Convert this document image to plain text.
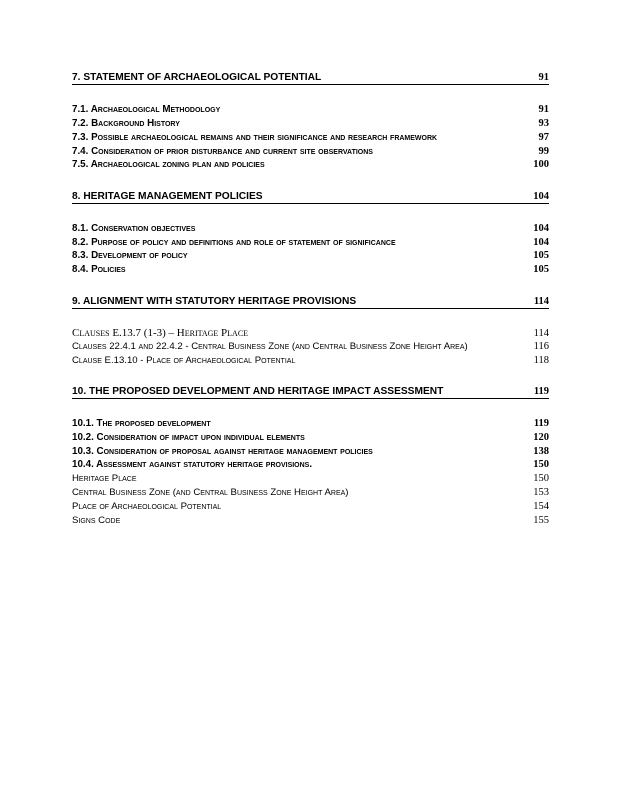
7. STATEMENT OF ARCHAEOLOGICAL POTENTIAL	91
7.1. Archaeological Methodology	91
7.2. Background History	93
7.3. Possible archaeological remains and their significance and research framework	97
7.4. Consideration of prior disturbance and current site observations	99
7.5. Archaeological zoning plan and policies	100
8. HERITAGE MANAGEMENT POLICIES	104
8.1. Conservation objectives	104
8.2. Purpose of policy and definitions and role of statement of significance	104
8.3. Development of policy	105
8.4. Policies	105
9. ALIGNMENT WITH STATUTORY HERITAGE PROVISIONS	114
Clauses E.13.7 (1-3) – Heritage Place	114
Clauses 22.4.1 and 22.4.2 - Central Business Zone (and Central Business Zone Height Area)	116
Clause E.13.10 - Place of Archaeological Potential	118
10. THE PROPOSED DEVELOPMENT AND HERITAGE IMPACT ASSESSMENT	119
10.1. The proposed development	119
10.2. Consideration of impact upon individual elements	120
10.3. Consideration of proposal against heritage management policies	138
10.4. Assessment against statutory heritage provisions.	150
Heritage Place	150
Central Business Zone (and Central Business Zone Height Area)	153
Place of Archaeological Potential	154
Signs Code	155
